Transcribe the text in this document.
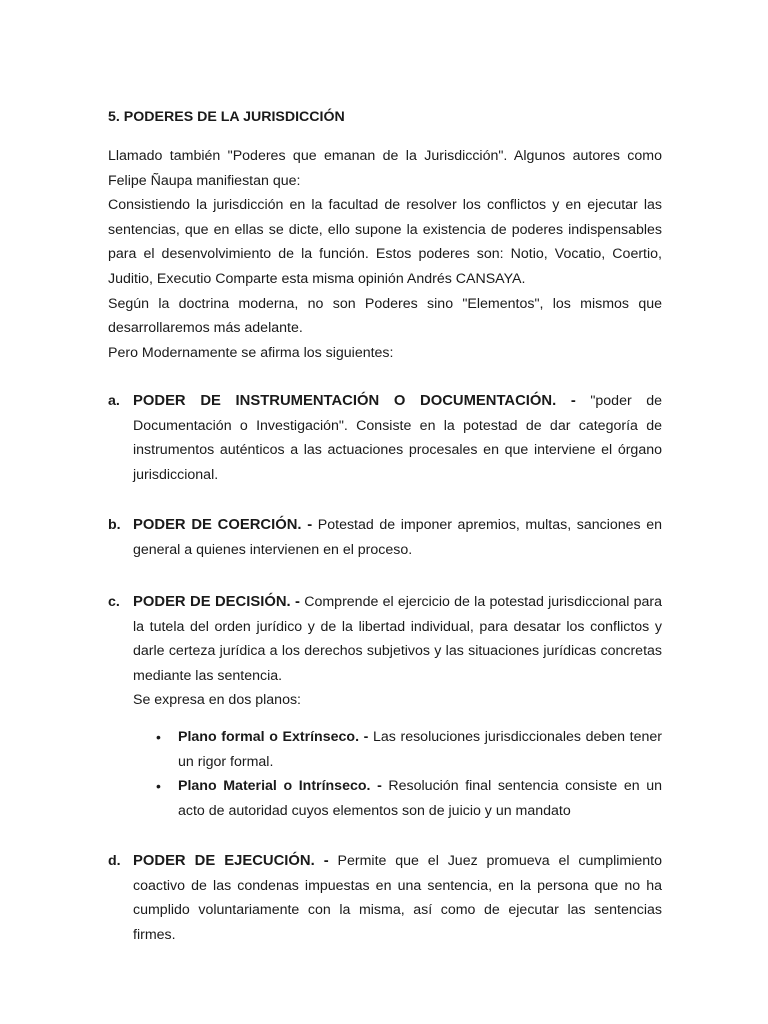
5. PODERES DE LA JURISDICCIÓN

Llamado también "Poderes que emanan de la Jurisdicción". Algunos autores como Felipe Ñaupa manifiestan que:

Consistiendo la jurisdicción en la facultad de resolver los conflictos y en ejecutar las sentencias, que en ellas se dicte, ello supone la existencia de poderes indispensables para el desenvolvimiento de la función. Estos poderes son: Notio, Vocatio, Coertio, Juditio, Executio Comparte esta misma opinión Andrés CANSAYA.

Según la doctrina moderna, no son Poderes sino "Elementos", los mismos que desarrollaremos más adelante.

Pero Modernamente se afirma los siguientes:

a. PODER DE INSTRUMENTACIÓN O DOCUMENTACIÓN. - "poder de Documentación o Investigación". Consiste en la potestad de dar categoría de instrumentos auténticos a las actuaciones procesales en que interviene el órgano jurisdiccional.
b. PODER DE COERCIÓN. - Potestad de imponer apremios, multas, sanciones en general a quienes intervienen en el proceso.
c. PODER DE DECISIÓN. - Comprende el ejercicio de la potestad jurisdiccional para la tutela del orden jurídico y de la libertad individual, para desatar los conflictos y darle certeza jurídica a los derechos subjetivos y las situaciones jurídicas concretas mediante las sentencia.

Se expresa en dos planos:

• Plano formal o Extrínseco. - Las resoluciones jurisdiccionales deben tener un rigor formal.
• Plano Material o Intrínseco. - Resolución final sentencia consiste en un acto de autoridad cuyos elementos son de juicio y un mandato
d. PODER DE EJECUCIÓN. - Permite que el Juez promueva el cumplimiento coactivo de las condenas impuestas en una sentencia, en la persona que no ha cumplido voluntariamente con la misma, así como de ejecutar las sentencias firmes.
